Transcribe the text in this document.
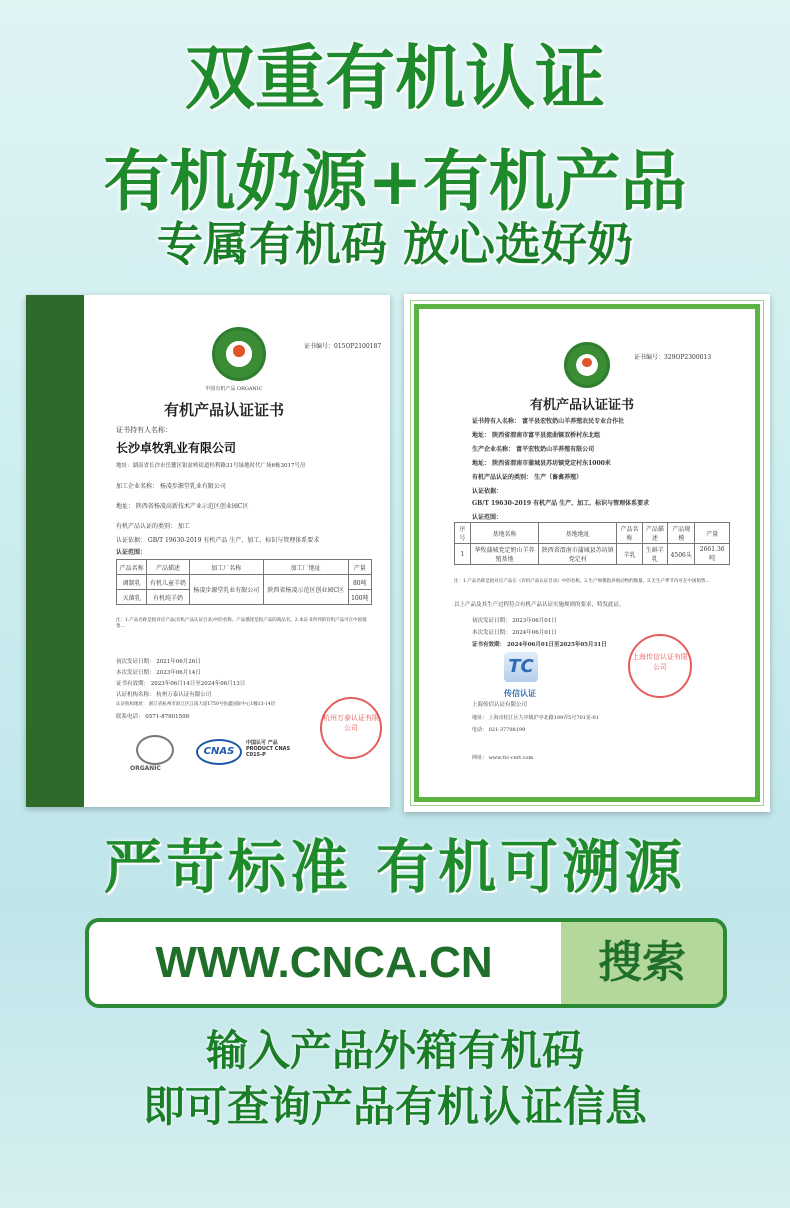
双重有机认证
有机奶源+有机产品
专属有机码 放心选好奶
中国有机产品 ORGANIC
证书编号：015OP2100187
有机产品认证证书
证书持有人名称：
长沙卓牧乳业有限公司
地址：湖南省长沙市岳麓区银盆岭街道桂利路31号绿地时代广场6栋3017号房
加工企业名称： 杨凌步源堂乳业有限公司
地址： 陕西省杨凌高新技术产业示范区创业园C区
有机产品认证的类别： 加工
认证依据： GB/T 19630-2019 有机产品 生产、加工、标识与管理体系要求
认证范围：
产品名称	产品描述	加工厂名称	加工厂地址	产量
调制乳	有机儿童羊奶	杨凌步源堂乳业有限公司	陕西省杨凌示范区创业园C区	80吨
灭菌乳	有机纯羊奶			100吨
注：1.产品名称是指对应产品(有机产品认证目录)中的名称。产品描述是指产品的商品名。2.本证书所列的有机产品可在中国销售...
初次发证日期： 2021年06月26日
本次发证日期： 2023年06月14日
证书有效期： 2023年06月14日至2024年06月13日
认证机构名称： 杭州万泰认证有限公司
认证机构地址： 浙江省杭州市滨江区江南大道1750号恒鑫国际中心1幢13-14层
联系电话： 0571-87901598
ORGANIC
CNAS
中国认可 产品 PRODUCT CNAS C015-P
杭州万泰认证有限公司
证书编号：329OP2300013
有机产品认证证书
证书持有人名称： 富平县宏牧奶山羊养殖农民专业合作社
地址： 陕西省渭南市富平县流曲镇双桥村东北组
生产企业名称： 富平宏牧奶山羊养殖有限公司
地址： 陕西省渭南市蒲城县苏坊镇党定村东1000米
有机产品认证的类别： 生产（畜禽养殖）
认证依据：
GB/T 19630-2019 有机产品 生产、加工、标识与管理体系要求
认证范围：
序号	基地名称	基地地址	产品名称	产品描述	产品规模	产量
1	华牧蒲城党定奶山羊养殖基地	陕西省渭南市蒲城县苏坊镇党定村	羊乳	生鲜羊乳	4506头	2661.36吨
注：1.产品名称是指对应产品在《有机产品认证目录》中的名称。2.生产规模指养殖动物的数量。3.无生产季节内可在中国销售...
以上产品及其生产过程符合有机产品认证实施规则的要求，特发此证。
初次发证日期： 2023年06月01日
本次发证日期： 2024年06月01日
证书有效期： 2024年06月01日至2025年05月31日
TC
传信认证
上海传信认证有限公司
地址： 上海市松江区九亭镇沪亭北路199弄5号701室-01
电话： 021-37708199
网址： www.ttc-cert.com
上海传信认证有限公司
严苛标准 有机可溯源
WWW.CNCA.CN	搜索
输入产品外箱有机码
即可查询产品有机认证信息
